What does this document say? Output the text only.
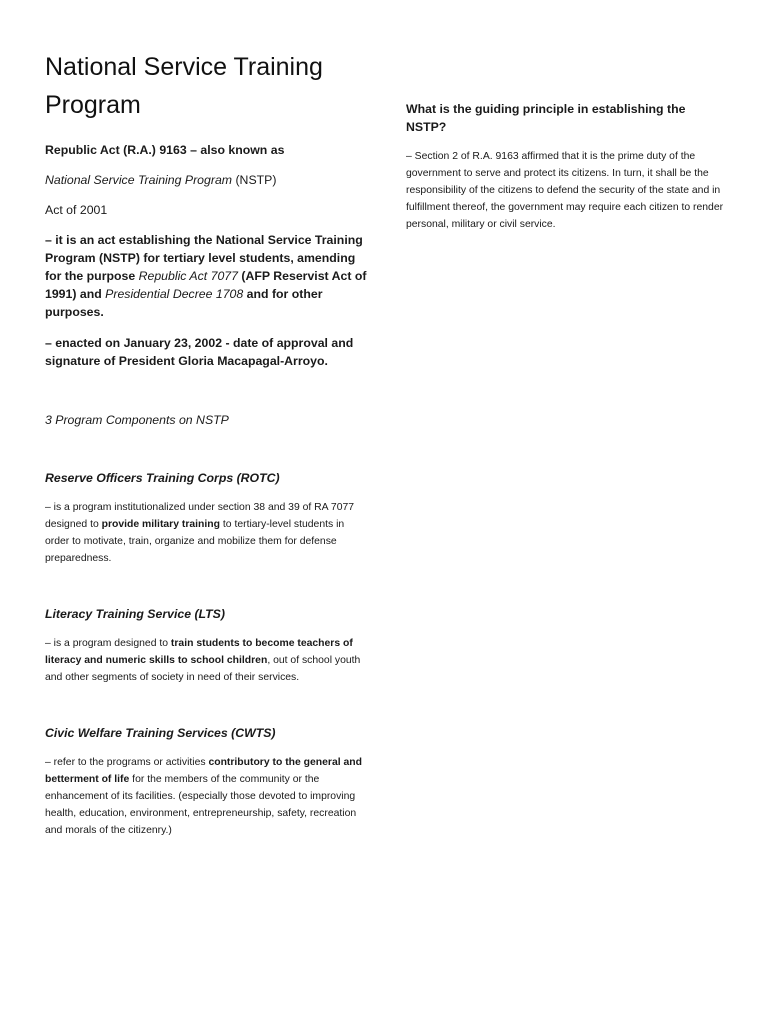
National Service Training Program

Republic Act (R.A.) 9163 – also known as

National Service Training Program (NSTP)

Act of 2001

– it is an act establishing the National Service Training Program (NSTP) for tertiary level students, amending for the purpose Republic Act 7077 (AFP Reservist Act of 1991) and Presidential Decree 1708 and for other purposes.

– enacted on January 23, 2002 - date of approval and signature of President Gloria Macapagal-Arroyo.

3 Program Components on NSTP

Reserve Officers Training Corps (ROTC)

– is a program institutionalized under section 38 and 39 of RA 7077 designed to provide military training to tertiary-level students in order to motivate, train, organize and mobilize them for defense preparedness.

Literacy Training Service (LTS)

– is a program designed to train students to become teachers of literacy and numeric skills to school children, out of school youth and other segments of society in need of their services.

Civic Welfare Training Services (CWTS)

– refer to the programs or activities contributory to the general and betterment of life for the members of the community or the enhancement of its facilities. (especially those devoted to improving health, education, environment, entrepreneurship, safety, recreation and morals of the citizenry.)

What is the guiding principle in establishing the NSTP?

– Section 2 of R.A. 9163 affirmed that it is the prime duty of the government to serve and protect its citizens. In turn, it shall be the responsibility of the citizens to defend the security of the state and in fulfillment thereof, the government may require each citizen to render personal, military or civil service.
